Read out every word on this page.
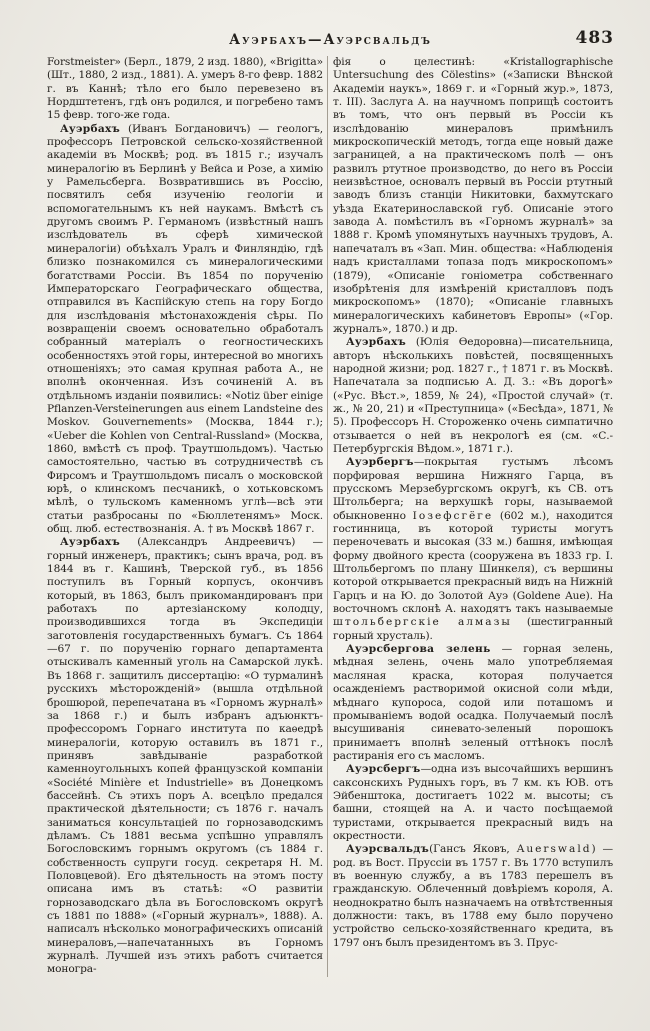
Ауэрбахъ—Ауэрсвальдъ	483

Forstmeister» (Берл., 1879, 2 изд. 1880), «Brigitta» (Шт., 1880, 2 изд., 1881). А. умеръ 8-го февр. 1882 г. въ Каннѣ; тѣло его было перевезено въ Нордштетенъ, гдѣ онъ родился, и погребено тамъ 15 февр. того-же года.

Ауэрбахъ (Иванъ Богдановичъ) — геологъ, профессоръ Петровской сельско-хозяйственной академіи въ Москвѣ; род. въ 1815 г.; изучалъ минералогію въ Берлинѣ у Вейса и Розе, а химію у Рамельсберга. Возвратившись въ Россію, посвятилъ себя изученію геологіи и вспомогательнымъ къ ней наукамъ. Вмѣстѣ съ другомъ своимъ Р. Германомъ (извѣстный нашъ изслѣдователь въ сферѣ химической минералогіи) объѣхалъ Уралъ и Финляндію, гдѣ близко познакомился съ минералогическими богатствами Россіи. Въ 1854 по порученію Императорскаго Географическаго общества, отправился въ Каспійскую степь на гору Богдо для изслѣдованія мѣстонахожденія сѣры. По возвращеніи своемъ основательно обработалъ собранный матеріалъ о геогностическихъ особенностяхъ этой горы, интересной во многихъ отношеніяхъ; это самая крупная работа А., не вполнѣ оконченная. Изъ сочиненій А. въ отдѣльномъ изданіи появились: «Notiz über einige Pflanzen-Versteinerungen aus einem Landsteine des Moskov. Gouvernements» (Москва, 1844 г.); «Ueber die Kohlen von Central-Russland» (Москва, 1860, вмѣстѣ съ проф. Траутшольдомъ). Частью самостоятельно, частью въ сотрудничествѣ съ Фирсомъ и Траутшольдомъ писалъ о московской юрѣ, о клинскомъ песчаникѣ, о хотьковскомъ мѣлѣ, о тульскомъ каменномъ углѣ—всѣ эти статьи разбросаны по «Бюллетенямъ» Моск. общ. люб. естествознанія. А. † въ Москвѣ 1867 г.

Ауэрбахъ (Александръ Андреевичъ) — горный инженеръ, практикъ; сынъ врача, род. въ 1844 въ г. Кашинѣ, Тверской губ., въ 1856 поступилъ въ Горный корпусъ, окончивъ который, въ 1863, былъ прикомандированъ при работахъ по артезіанскому колодцу, производившихся тогда въ Экспедиціи заготовленія государственныхъ бумагъ. Съ 1864—67 г. по порученію горнаго департамента отыскивалъ каменный уголь на Самарской лукѣ. Въ 1868 г. защитилъ диссертацію: «О турмалинѣ русскихъ мѣсторожденій» (вышла отдѣльной брошюрой, перепечатана въ «Горномъ журналѣ» за 1868 г.) и былъ избранъ адъюнктъ-профессоромъ Горнаго института по каѳедрѣ минералогіи, которую оставилъ въ 1871 г., принявъ завѣдываніе разработкой каменноугольныхъ копей французской компаніи «Société Minière et Industrielle» въ Донецкомъ бассейнѣ. Съ этихъ поръ А. всецѣло предался практической дѣятельности; съ 1876 г. началъ заниматься консультаціей по горнозаводскимъ дѣламъ. Съ 1881 весьма успѣшно управлялъ Богословскимъ горнымъ округомъ (съ 1884 г. собственность супруги госуд. секретаря Н. М. Половцевой). Его дѣятельность на этомъ посту описана имъ въ статьѣ: «О развитіи горнозаводскаго дѣла въ Богословскомъ округѣ съ 1881 по 1888» («Горный журналъ», 1888). А. написалъ нѣсколько монографическихъ описаній минераловъ,—напечатанныхъ въ Горномъ журналѣ. Лучшей изъ этихъ работъ считается моногра-

фія о целестинѣ: «Kristallographische Untersuchung des Cölestins» («Записки Вѣнской Академіи наукъ», 1869 г. и «Горный жур.», 1873, т. III). Заслуга А. на научномъ поприщѣ состоитъ въ томъ, что онъ первый въ Россіи къ изслѣдованію минераловъ примѣнилъ микроскопическій методъ, тогда еще новый даже заграницей, а на практическомъ полѣ — онъ развилъ ртутное производство, до него въ Россіи неизвѣстное, основалъ первый въ Россіи ртутный заводъ близъ станціи Никитовки, бахмутскаго уѣзда Екатеринославской губ. Описаніе этого завода А. помѣстилъ въ «Горномъ журналѣ» за 1888 г. Кромѣ упомянутыхъ научныхъ трудовъ, А. напечаталъ въ «Зап. Мин. общества: «Наблюденія надъ кристаллами топаза подъ микроскопомъ» (1879), «Описаніе гоніометра собственнаго изобрѣтенія для измѣреній кристалловъ подъ микроскопомъ» (1870); «Описаніе главныхъ минералогическихъ кабинетовъ Европы» («Гор. журналъ», 1870.) и др.

Ауэрбахъ (Юлія Ѳедоровна)—писательница, авторъ нѣсколькихъ повѣстей, посвященныхъ народной жизни; род. 1827 г., † 1871 г. въ Москвѣ. Напечатала за подписью А. Д. З.: «Въ дорогѣ» («Рус. Вѣст.», 1859, № 24), «Простой случай» (т. ж., № 20, 21) и «Преступница» («Бесѣда», 1871, № 5). Профессоръ Н. Стороженко очень симпатично отзывается о ней въ некрологѣ ея (см. «С.-Петербургскія Вѣдом.», 1871 г.).

Ауэрбергъ—покрытая густымъ лѣсомъ порфировая вершина Нижняго Гарца, въ прусскомъ Мерзебургскомъ округѣ, къ СВ. отъ Штольберга; на верхушкѣ горы, называемой обыкновенно Іозефсгёге (602 м.), находится гостинница, въ которой туристы могутъ переночевать и высокая (33 м.) башня, имѣющая форму двойного креста (сооружена въ 1833 гр. І. Штольбергомъ по плану Шинкеля), съ вершины которой открывается прекрасный видъ на Нижній Гарцъ и на Ю. до Золотой Ауэ (Goldene Aue). На восточномъ склонѣ А. находятъ такъ называемые штольбергскіе алмазы (шестигранный горный хрусталь).

Ауэрсбергова зелень — горная зелень, мѣдная зелень, очень мало употребляемая масляная краска, которая получается осажденіемъ растворимой окисной соли мѣди, мѣднаго купороса, содой или поташомъ и промываніемъ водой осадка. Получаемый послѣ высушиванія синевато-зеленый порошокъ принимаетъ вполнѣ зеленый оттѣнокъ послѣ растиранія его съ масломъ.

Ауэрсбергъ—одна изъ высочайшихъ вершинъ саксонскихъ Рудныхъ горъ, въ 7 км. къ ЮВ. отъ Эйбенштока, достигаетъ 1022 м. высоты; съ башни, стоящей на А. и часто посѣщаемой туристами, открывается прекрасный видъ на окрестности.

Ауэрсвальдъ(Гансъ Яковъ, Auerswald) —род. въ Вост. Пруссіи въ 1757 г. Въ 1770 вступилъ въ военную службу, а въ 1783 перешелъ въ гражданскую. Облеченный довѣріемъ короля, А. неоднократно былъ назначаемъ на отвѣтственныя должности: такъ, въ 1788 ему было поручено устройство сельско-хозяйственнаго кредита, въ 1797 онъ былъ президентомъ въ З. Прус-
